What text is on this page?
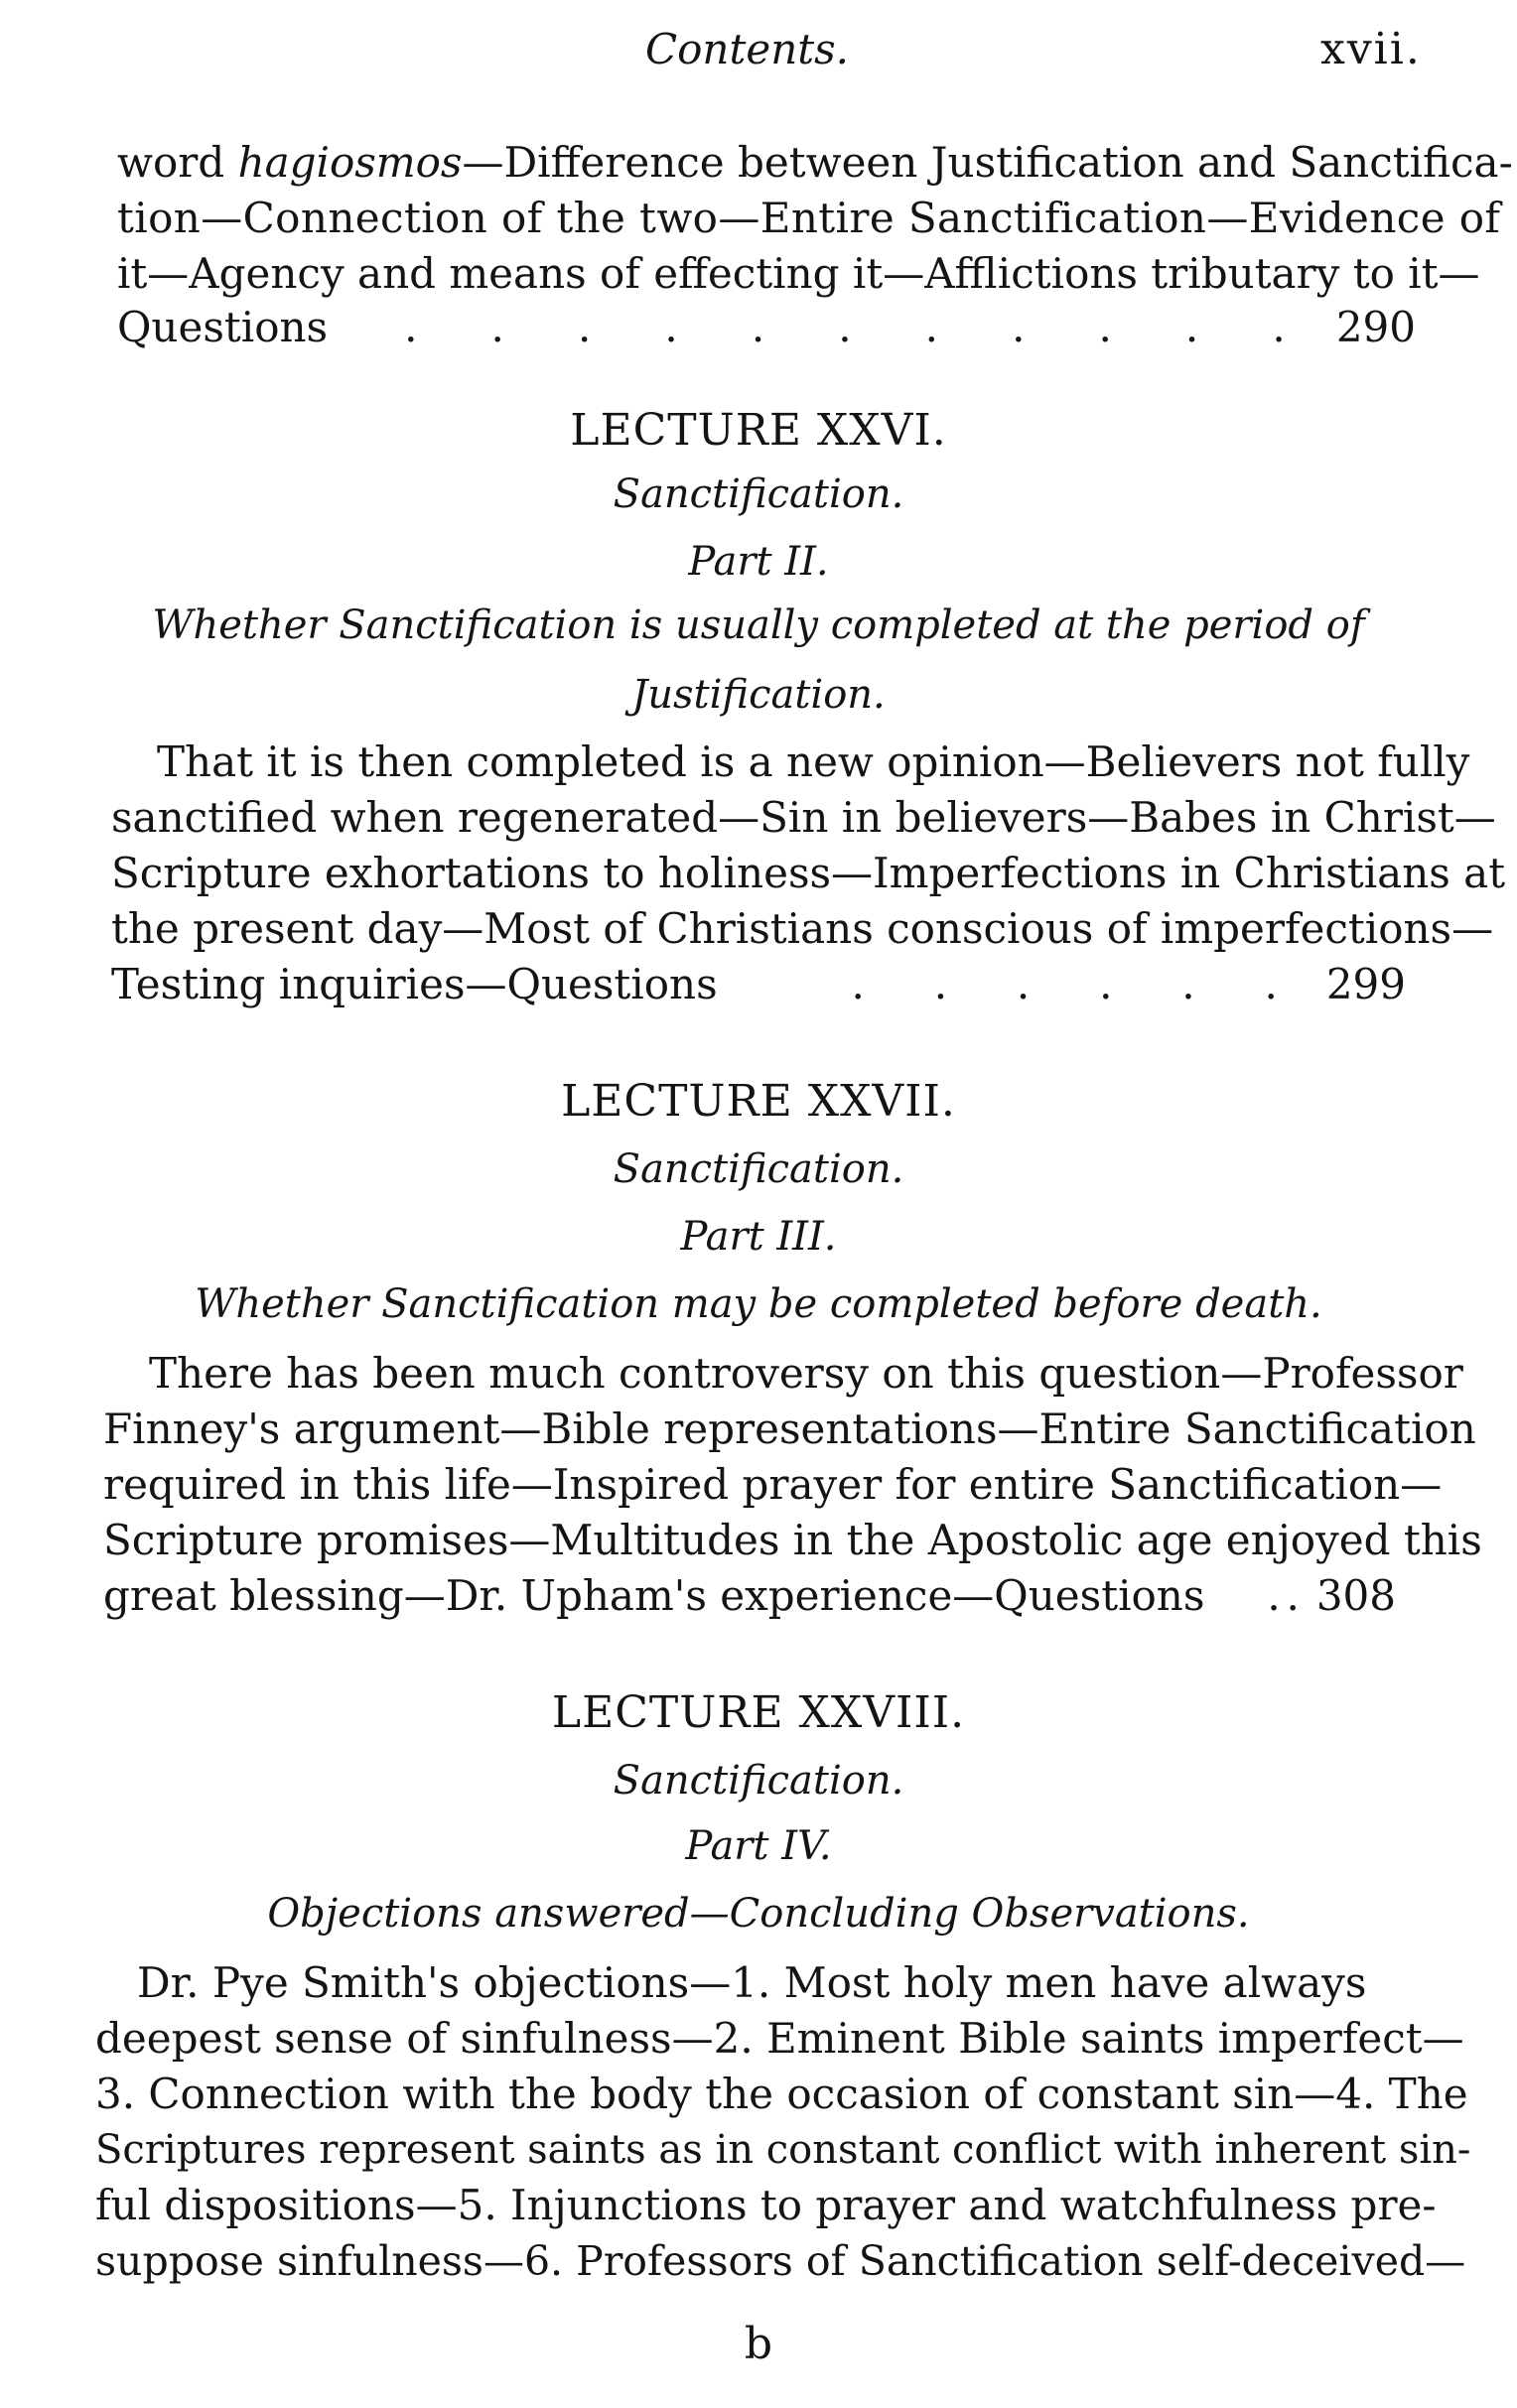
Contents.	xvii.
word hagiosmos—Difference between Justification and Sanctifica-
tion—Connection of the two—Entire Sanctification—Evidence of
it—Agency and means of effecting it—Afflictions tributary to it—
Questions . . . . . . . . . . . 290
LECTURE XXVI.
Sanctification.
Part II.
Whether Sanctification is usually completed at the period of
Justification.
That it is then completed is a new opinion—Believers not fully
sanctified when regenerated—Sin in believers—Babes in Christ—
Scripture exhortations to holiness—Imperfections in Christians at
the present day—Most of Christians conscious of imperfections—
Testing inquiries—Questions	. . . . . . 299
LECTURE XXVII.
Sanctification.
Part III.
Whether Sanctification may be completed before death.
There has been much controversy on this question—Professor
Finney's argument—Bible representations—Entire Sanctification
required in this life—Inspired prayer for entire Sanctification—
Scripture promises—Multitudes in the Apostolic age enjoyed this
great blessing—Dr. Upham's experience—Questions . . 308
LECTURE XXVIII.
Sanctification.
Part IV.
Objections answered—Concluding Observations.
Dr. Pye Smith's objections—1. Most holy men have always
deepest sense of sinfulness—2. Eminent Bible saints imperfect—
3. Connection with the body the occasion of constant sin—4. The
Scriptures represent saints as in constant conflict with inherent sin-
ful dispositions—5. Injunctions to prayer and watchfulness pre-
suppose sinfulness—6. Professors of Sanctification self-deceived—
b
